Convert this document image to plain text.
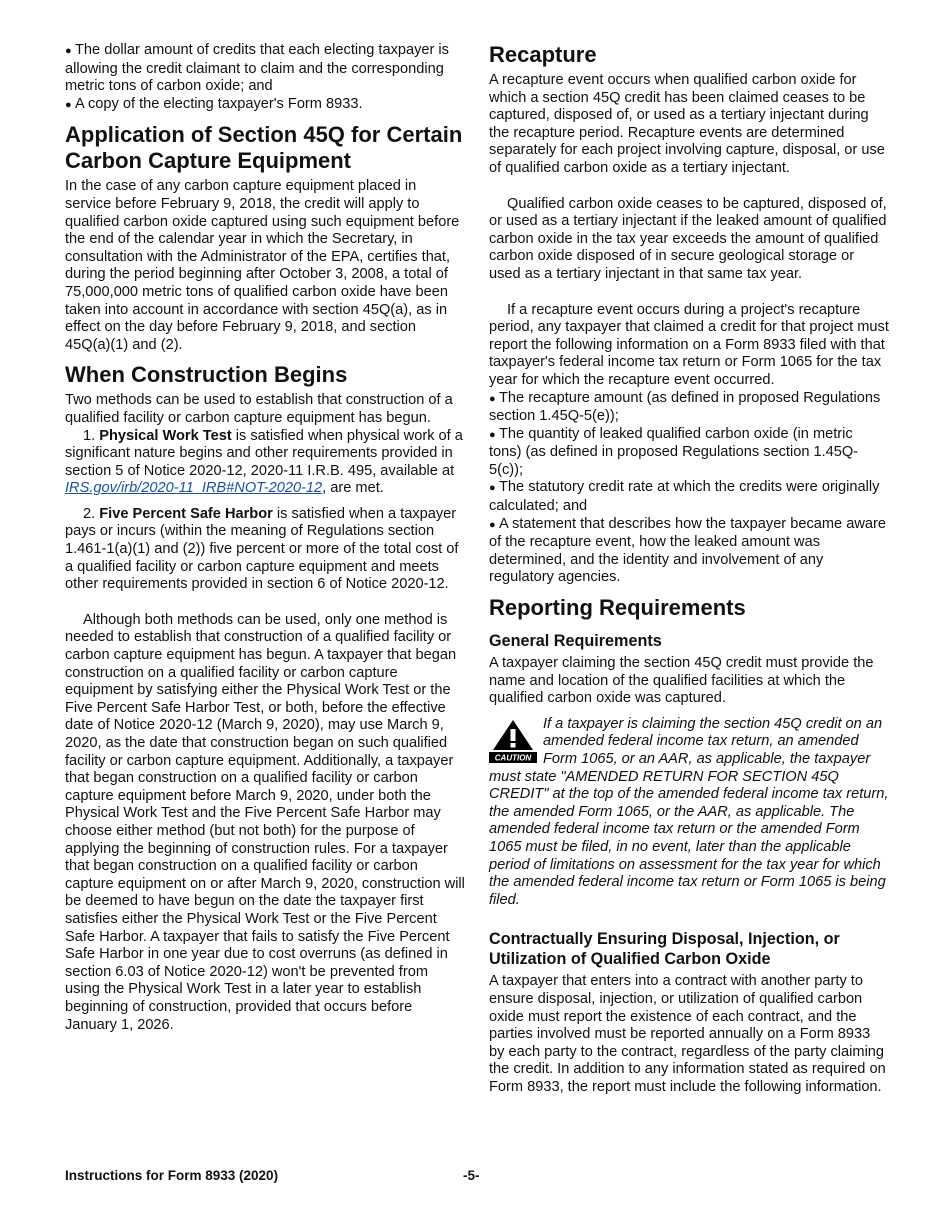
● The dollar amount of credits that each electing taxpayer is allowing the credit claimant to claim and the corresponding metric tons of carbon oxide; and
● A copy of the electing taxpayer's Form 8933.
Application of Section 45Q for Certain Carbon Capture Equipment

In the case of any carbon capture equipment placed in service before February 9, 2018, the credit will apply to qualified carbon oxide captured using such equipment before the end of the calendar year in which the Secretary, in consultation with the Administrator of the EPA, certifies that, during the period beginning after October 3, 2008, a total of 75,000,000 metric tons of qualified carbon oxide have been taken into account in accordance with section 45Q(a), as in effect on the day before February 9, 2018, and section 45Q(a)(1) and (2).

When Construction Begins

Two methods can be used to establish that construction of a qualified facility or carbon capture equipment has begun.

1. Physical Work Test is satisfied when physical work of a significant nature begins and other requirements provided in section 5 of Notice 2020-12, 2020-11 I.R.B. 495, available at IRS.gov/irb/2020-11_IRB#NOT-2020-12, are met.

2. Five Percent Safe Harbor is satisfied when a taxpayer pays or incurs (within the meaning of Regulations section 1.461-1(a)(1) and (2)) five percent or more of the total cost of a qualified facility or carbon capture equipment and meets other requirements provided in section 6 of Notice 2020-12.

Although both methods can be used, only one method is needed to establish that construction of a qualified facility or carbon capture equipment has begun. A taxpayer that began construction on a qualified facility or carbon capture equipment by satisfying either the Physical Work Test or the Five Percent Safe Harbor Test, or both, before the effective date of Notice 2020-12 (March 9, 2020), may use March 9, 2020, as the date that construction began on such qualified facility or carbon capture equipment. Additionally, a taxpayer that began construction on a qualified facility or carbon capture equipment before March 9, 2020, under both the Physical Work Test and the Five Percent Safe Harbor may choose either method (but not both) for the purpose of applying the beginning of construction rules. For a taxpayer that began construction on a qualified facility or carbon capture equipment on or after March 9, 2020, construction will be deemed to have begun on the date the taxpayer first satisfies either the Physical Work Test or the Five Percent Safe Harbor. A taxpayer that fails to satisfy the Five Percent Safe Harbor in one year due to cost overruns (as defined in section 6.03 of Notice 2020-12) won't be prevented from using the Physical Work Test in a later year to establish beginning of construction, provided that occurs before January 1, 2026.

Recapture

A recapture event occurs when qualified carbon oxide for which a section 45Q credit has been claimed ceases to be captured, disposed of, or used as a tertiary injectant during the recapture period. Recapture events are determined separately for each project involving capture, disposal, or use of qualified carbon oxide as a tertiary injectant.

Qualified carbon oxide ceases to be captured, disposed of, or used as a tertiary injectant if the leaked amount of qualified carbon oxide in the tax year exceeds the amount of qualified carbon oxide disposed of in secure geological storage or used as a tertiary injectant in that same tax year.

If a recapture event occurs during a project's recapture period, any taxpayer that claimed a credit for that project must report the following information on a Form 8933 filed with that taxpayer's federal income tax return or Form 1065 for the tax year for which the recapture event occurred.

● The recapture amount (as defined in proposed Regulations section 1.45Q-5(e));
● The quantity of leaked qualified carbon oxide (in metric tons) (as defined in proposed Regulations section 1.45Q-5(c));
● The statutory credit rate at which the credits were originally calculated; and
● A statement that describes how the taxpayer became aware of the recapture event, how the leaked amount was determined, and the identity and involvement of any regulatory agencies.
Reporting Requirements
General Requirements

A taxpayer claiming the section 45Q credit must provide the name and location of the qualified facilities at which the qualified carbon oxide was captured.

CAUTION

If a taxpayer is claiming the section 45Q credit on an amended federal income tax return, an amended Form 1065, or an AAR, as applicable, the taxpayer must state "AMENDED RETURN FOR SECTION 45Q CREDIT" at the top of the amended federal income tax return, the amended Form 1065, or the AAR, as applicable. The amended federal income tax return or the amended Form 1065 must be filed, in no event, later than the applicable period of limitations on assessment for the tax year for which the amended federal income tax return or Form 1065 is being filed.

Contractually Ensuring Disposal, Injection, or Utilization of Qualified Carbon Oxide

A taxpayer that enters into a contract with another party to ensure disposal, injection, or utilization of qualified carbon oxide must report the existence of each contract, and the parties involved must be reported annually on a Form 8933 by each party to the contract, regardless of the party claiming the credit. In addition to any information stated as required on Form 8933, the report must include the following information.

Instructions for Form 8933 (2020)	-5-
